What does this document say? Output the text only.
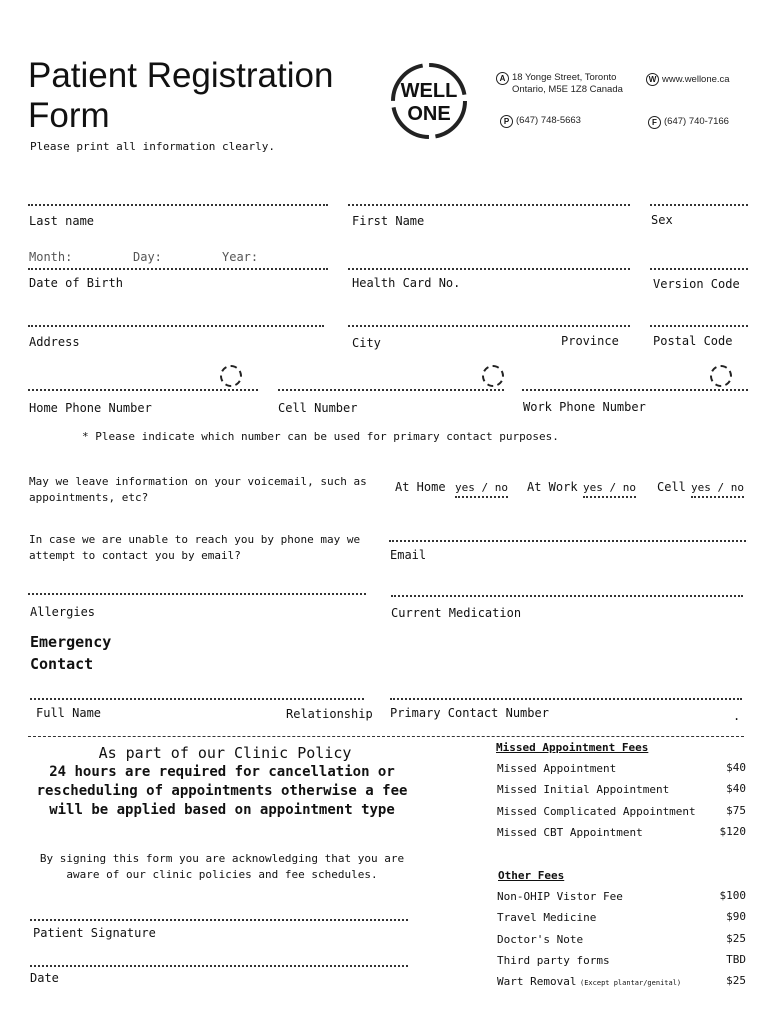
Patient Registration
Form
Please print all information clearly.
WELL
ONE
A 18 Yonge Street, Toronto
Ontario, M5E 1Z8 Canada
W www.wellone.ca
P (647) 748-5663	F (647) 740-7166
Last name	First Name	Sex
Month:	Day:	Year:
Date of Birth	Health Card No.	Version Code
Address	City	Province	Postal Code
Home Phone Number	Cell Number	Work Phone Number
* Please indicate which number can be used for primary contact purposes.
May we leave information on your voicemail, such as
appointments, etc?
At Home yes / no At Work yes / no Cell yes / no
In case we are unable to reach you by phone may we
attempt to contact you by email?	Email
Allergies	Current Medication
Emergency
Contact
Full Name	Relationship Primary Contact Number	.
As part of our Clinic Policy
24 hours are required for cancellation or
rescheduling of appointments otherwise a fee
will be applied based on appointment type
By signing this form you are acknowledging that you are
aware of our clinic policies and fee schedules.
Patient Signature
Date
Missed Appointment Fees
Missed Appointment	$40
Missed Initial Appointment	$40
Missed Complicated Appointment	$75
Missed CBT Appointment	$120
Other Fees
Non-OHIP Vistor Fee	$100
Travel Medicine	$90
Doctor's Note	$25
Third party forms	TBD
Wart Removal (Except plantar/genital)	$25
